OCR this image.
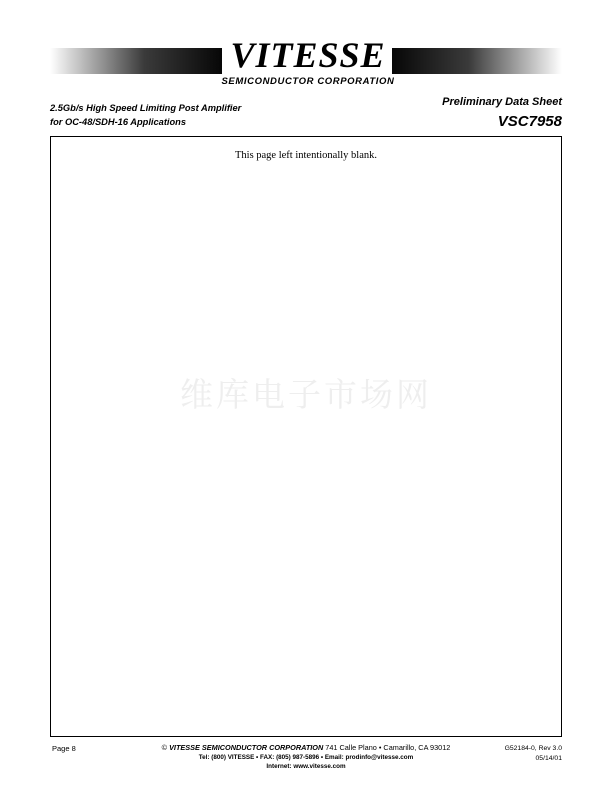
VITESSE
SEMICONDUCTOR CORPORATION
2.5Gb/s High Speed Limiting Post Amplifier
for OC-48/SDH-16 Applications
Preliminary Data Sheet
VSC7958
This page left intentionally blank.
维库电子市场网
Page 8	© VITESSE SEMICONDUCTOR CORPORATION 741 Calle Plano • Camarillo, CA 93012
Tel: (800) VITESSE • FAX: (805) 987-5896 • Email: prodinfo@vitesse.com
Internet: www.vitesse.com
G52184-0, Rev 3.0
05/14/01
